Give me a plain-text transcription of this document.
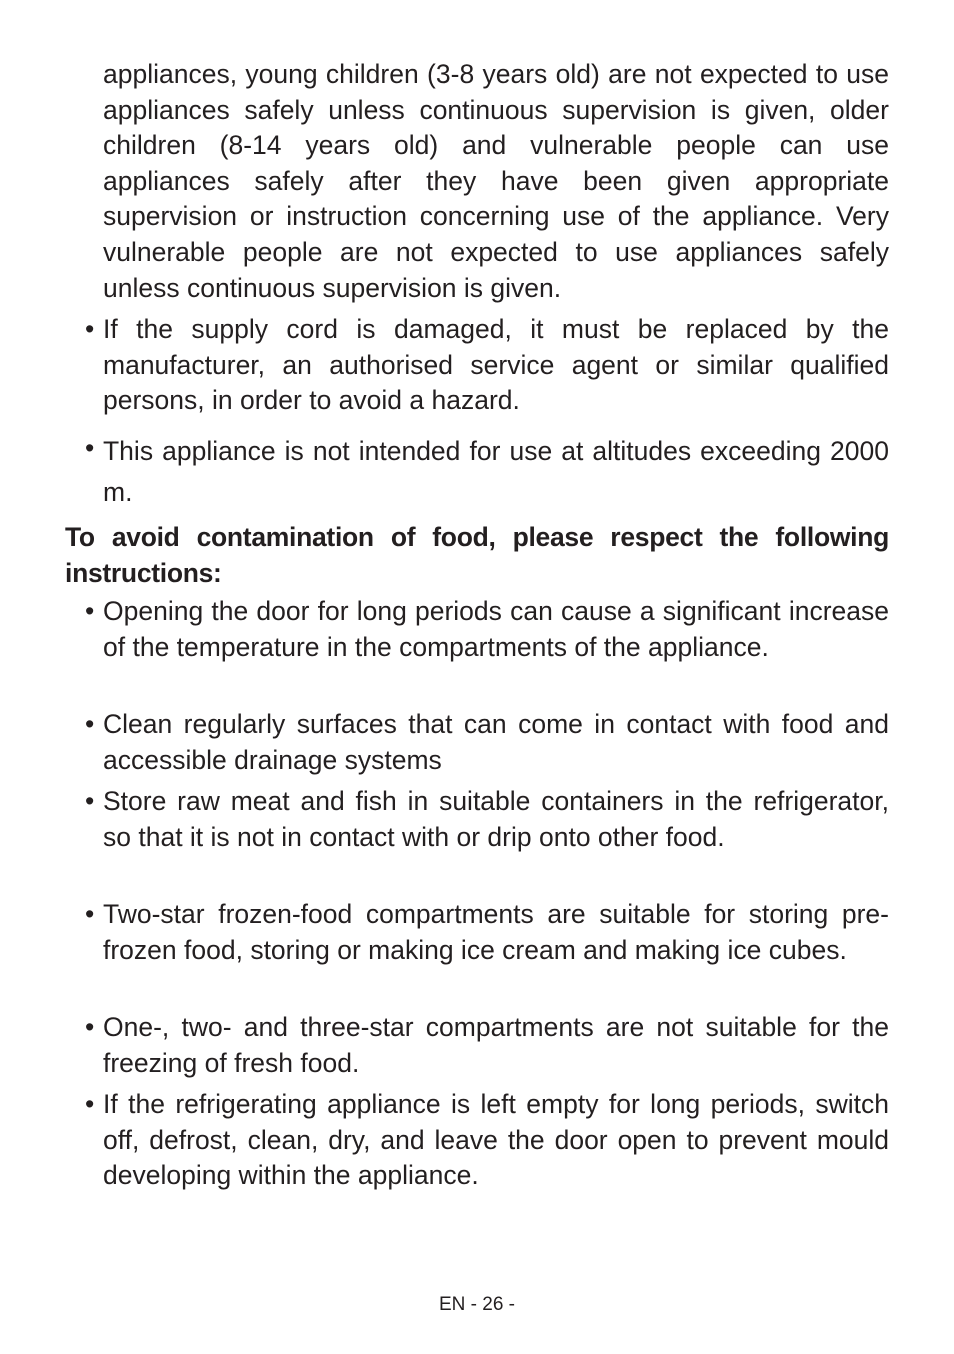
appliances, young children (3-8 years old) are not expected to use appliances safely unless continuous supervision is given, older children (8-14 years old) and vulnerable people can use appliances safely after they have been given appropriate supervision or instruction concerning use of the appliance. Very vulnerable people are not expected to use appliances safely unless continuous supervision is given.

• If the supply cord is damaged, it must be replaced by the manufacturer, an authorised service agent or similar qualified persons, in order to avoid a hazard.

• This appliance is not intended for use at altitudes exceeding 2000 m.

To avoid contamination of food, please respect the following instructions:

• Opening the door for long periods can cause a significant increase of the temperature in the compartments of the appliance.

• Clean regularly surfaces that can come in contact with food and accessible drainage systems

• Store raw meat and fish in suitable containers in the refrigerator, so that it is not in contact with or drip onto other food.

• Two-star frozen-food compartments are suitable for storing pre-frozen food, storing or making ice cream and making ice cubes.

• One-, two- and three-star compartments are not suitable for the freezing of fresh food.

• If the refrigerating appliance is left empty for long periods, switch off, defrost, clean, dry, and leave the door open to prevent mould developing within the appliance.

EN - 26 -
